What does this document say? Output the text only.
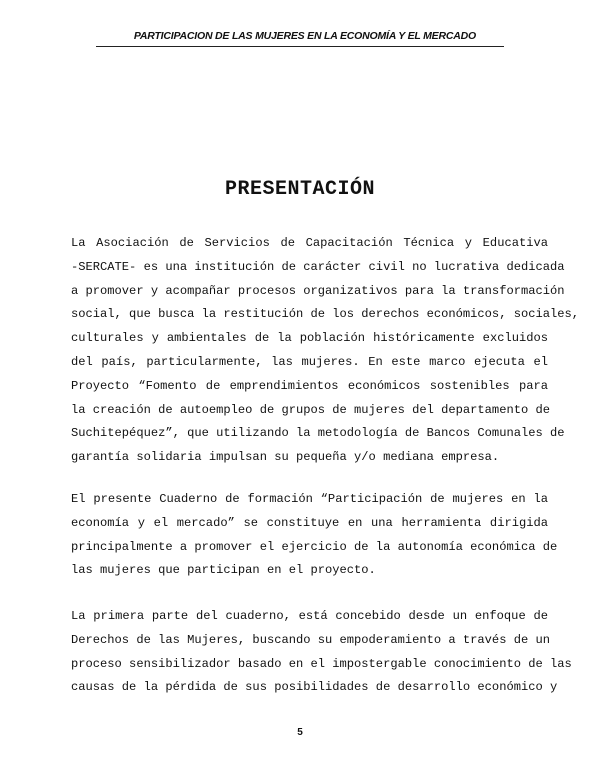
PARTICIPACION DE LAS MUJERES EN LA ECONOMÍA Y EL MERCADO
PRESENTACIÓN
La Asociación de Servicios de Capacitación Técnica y Educativa
-SERCATE- es una institución de carácter civil no lucrativa dedicada
a promover y acompañar procesos organizativos para la transformación
social, que busca la restitución de los derechos económicos, sociales,
culturales y ambientales de la población históricamente excluidos
del país, particularmente, las mujeres. En este marco ejecuta el
Proyecto “Fomento de emprendimientos económicos sostenibles para
la creación de autoempleo de grupos de mujeres del departamento de
Suchitepéquez”, que utilizando la metodología de Bancos Comunales de
garantía solidaria impulsan su pequeña y/o mediana empresa.
El presente Cuaderno de formación “Participación de mujeres en la
economía y el mercado” se constituye en una herramienta dirigida
principalmente a promover el ejercicio de la autonomía económica de
las mujeres que participan en el proyecto.
La primera parte del cuaderno, está concebido desde un enfoque de
Derechos de las Mujeres, buscando su empoderamiento a través de un
proceso sensibilizador basado en el impostergable conocimiento de las
causas de la pérdida de sus posibilidades de desarrollo económico y
5
